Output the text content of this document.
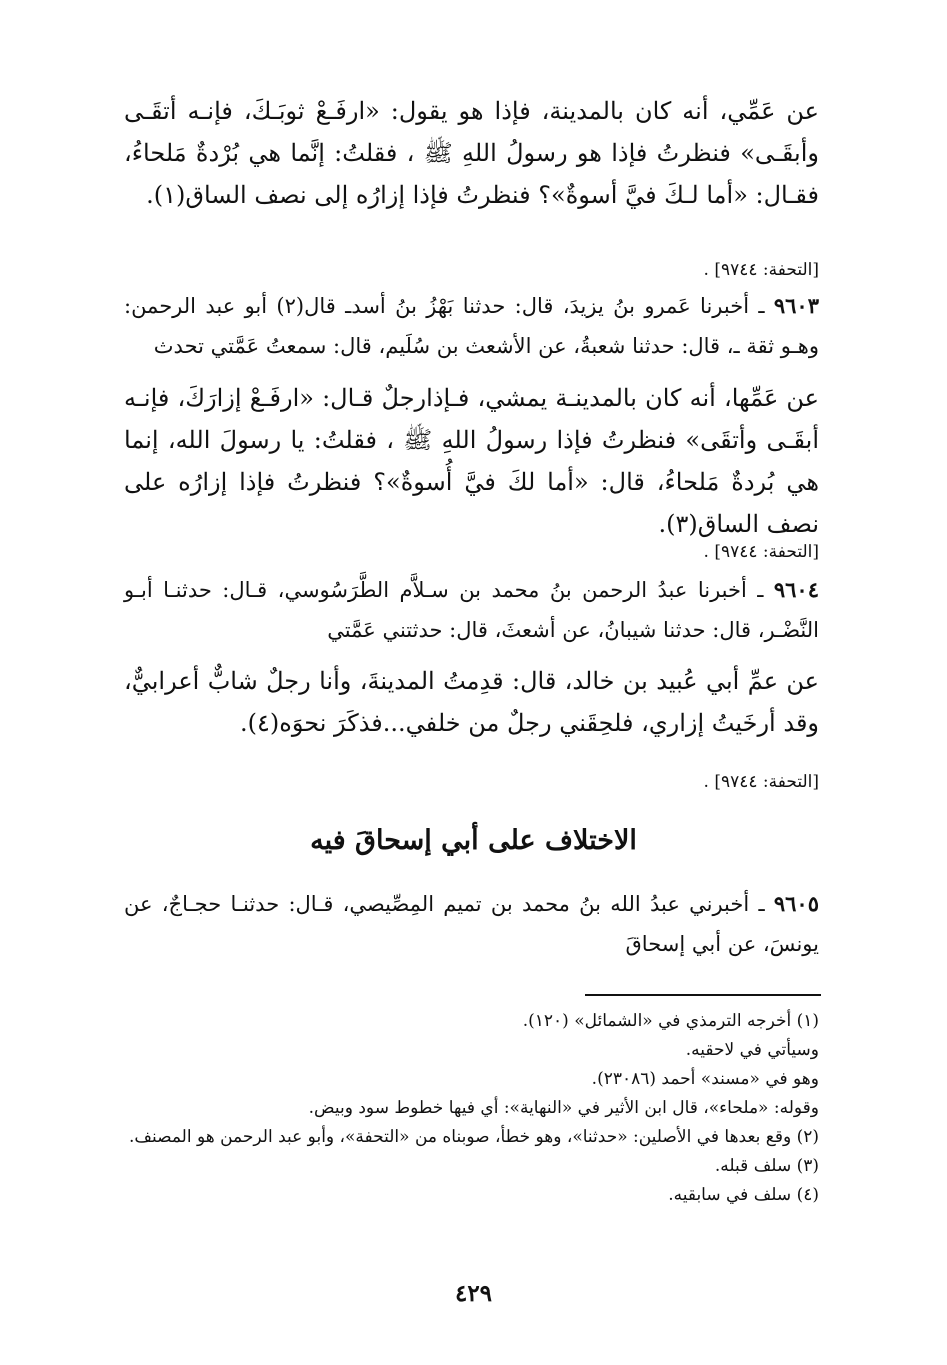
عن عَمِّي، أنه كان بالمدينة، فإذا هو يقول: «ارفَـعْ ثوبَـكَ، فإنـه أتقَـى وأبقَـى» فنظرتُ فإذا هو رسولُ اللهِ ﷺ ، فقلتُ: إنَّما هي بُرْدةٌ مَلحاءُ، فقـال: «أما لـكَ فيَّ أسوةٌ»؟ فنظرتُ فإذا إزارُه إلى نصف الساق(١).

[التحفة: ٩٧٤٤] .

٩٦٠٣ ـ أخبرنا عَمرو بنُ يزيدَ، قال: حدثنا بَهْزُ بنُ أسدـ قال(٢) أبو عبد الرحمن: وهـو ثقة ـ، قال: حدثنا شعبةُ، عن الأشعث بن سُلَيم، قال: سمعتُ عَمَّتي تحدث

عن عَمِّها، أنه كان بالمدينـة يمشي، فـإذارجلٌ قـال: «ارفَـعْ إزارَكَ، فإنـه أبقَـى وأتقَى» فنظرتُ فإذا رسولُ اللهِ ﷺ ، فقلتُ: يا رسولَ الله، إنما هي بُردةٌ مَلحاءُ، قال: «أما لكَ فيَّ أُسوةٌ»؟ فنظرتُ فإذا إزارُه على نصف الساق(٣).

[التحفة: ٩٧٤٤] .

٩٦٠٤ ـ أخبرنا عبدُ الرحمن بنُ محمد بن سـلاَّم الطَّرَسُوسي، قـال: حدثنـا أبـو النَّضْـر، قال: حدثنا شيبانُ، عن أشعثَ، قال: حدثتني عَمَّتي

عن عمِّ أبي عُبيد بن خالد، قال: قدِمتُ المدينةَ، وأنا رجلٌ شابٌّ أعرابيٌّ، وقد أرخَيتُ إزاري، فلحِقَني رجلٌ من خلفي...فذكَرَ نحوَه(٤).

[التحفة: ٩٧٤٤] .
الاختلاف على أبي إسحاقَ فيه

٩٦٠٥ ـ أخبرني عبدُ الله بنُ محمد بن تميم المِصِّيصي، قـال: حدثنـا حجـاجٌ، عن يونسَ، عن أبي إسحاقَ

(١) أخرجه الترمذي في «الشمائل» (١٢٠).
وسيأتي في لاحقيه.
وهو في «مسند» أحمد (٢٣٠٨٦).
وقوله: «ملحاء»، قال ابن الأثير في «النهاية»: أي فيها خطوط سود وبيض.
(٢) وقع بعدها في الأصلين: «حدثنا»، وهو خطأ، صوبناه من «التحفة»، وأبو عبد الرحمن هو المصنف.
(٣) سلف قبله.
(٤) سلف في سابقيه.
٤٢٩
